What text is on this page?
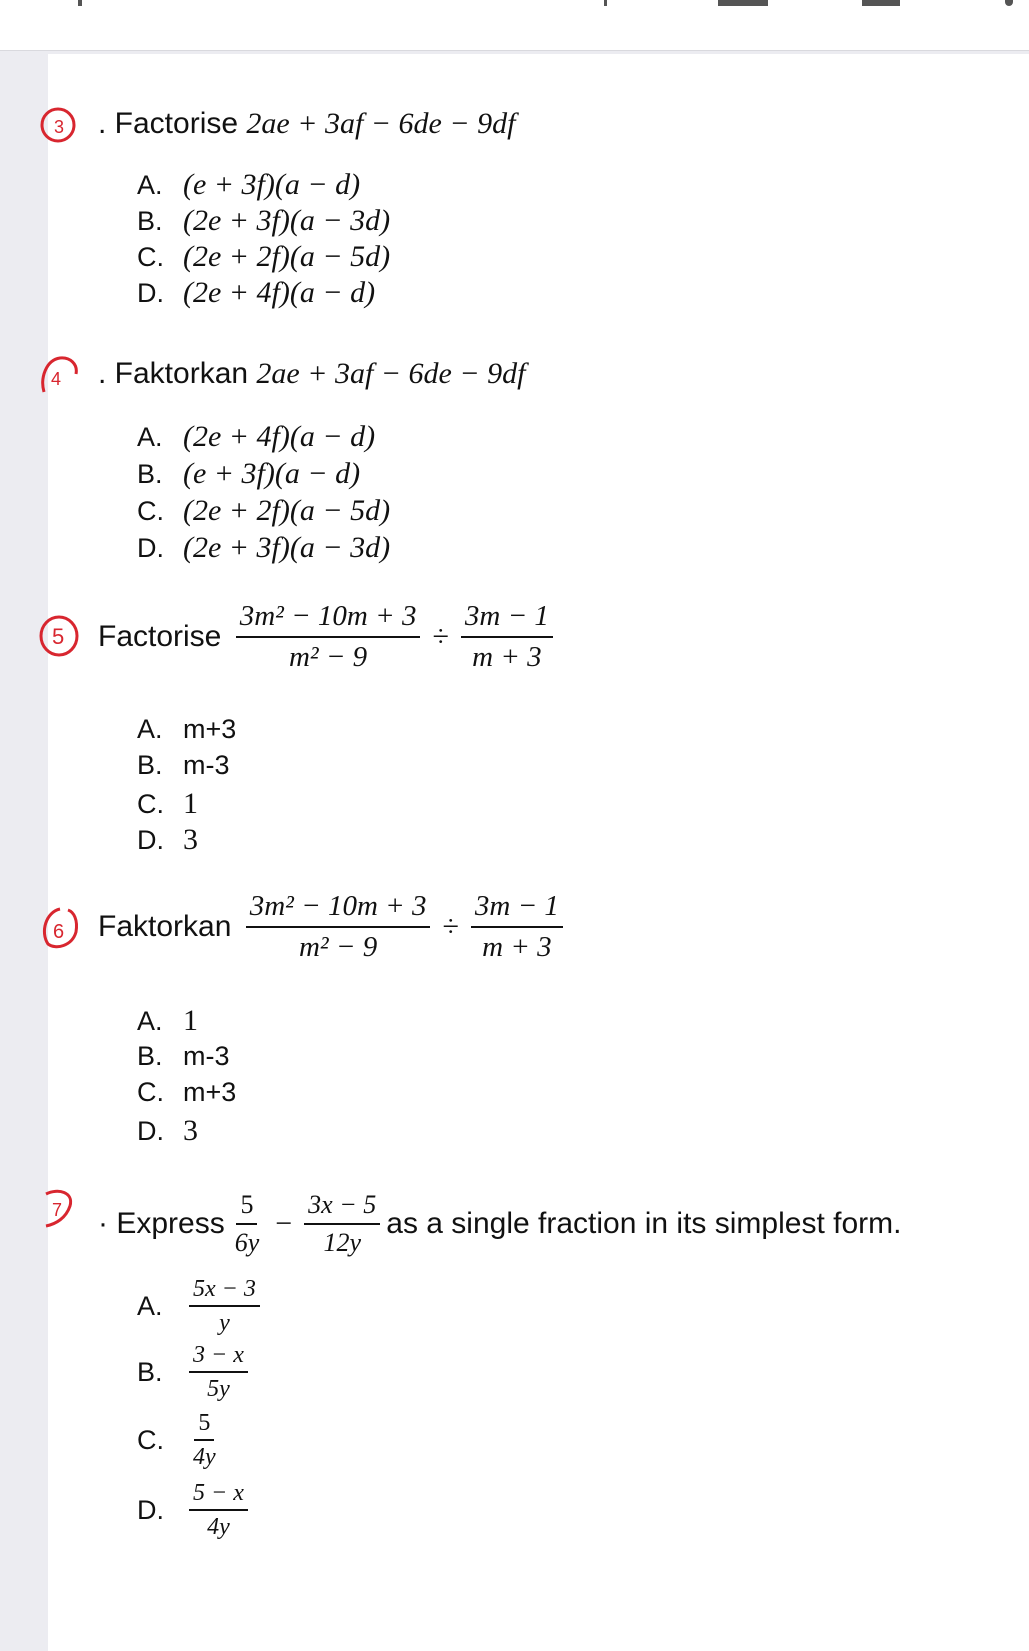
3 . Factorise
2ae + 3af − 6de − 9df
A. (e + 3f)(a − d)
B. (2e + 3f)(a − 3d)
C. (2e + 2f)(a − 5d)
D. (2e + 4f)(a − d)
4 . Faktorkan
2ae + 3af − 6de − 9df
A. (2e + 4f)(a − d)
B. (e + 3f)(a − d)
C. (2e + 2f)(a − 5d)
D. (2e + 3f)(a − 3d)
5 Factorise
$\frac{\text{3m² − 10m + 3}}{\text{m² − 9}} \div \frac{3m - 1}{m + 3}$
A. m+3
B. m-3
C. 1
D. 3
6 Faktorkan
$\frac{\text{3m² − 10m + 3}}{\text{m² − 9}} \div \frac{3m - 1}{m + 3}$
A. 1
B. m-3
C. m+3
D. 3
7 · Express $\frac{5}{6y} - \frac{3x - 5}{12y}$ as a single fraction in its simplest form.
A.	$\frac{5x - 3}{y}$
B.	$\frac{3 - x}{5y}$
C.	$\frac{5}{4y}$
D.	$\frac{5 - x}{4y}$
